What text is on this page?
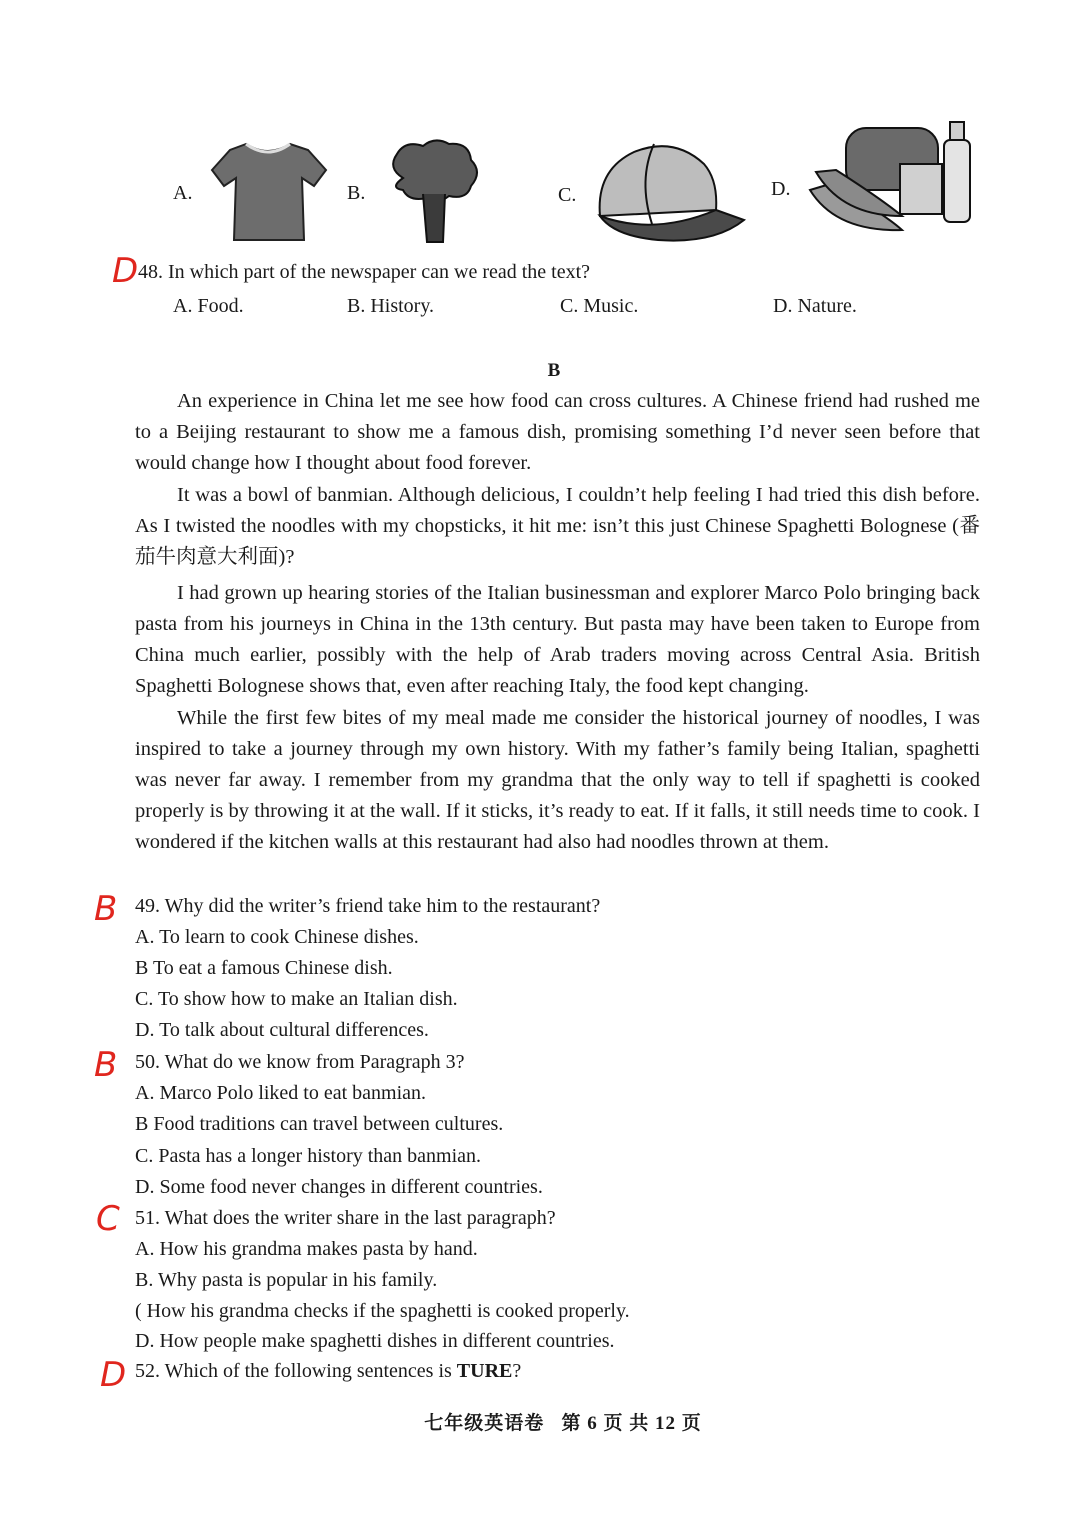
A.	B.	C.	D.
D 48. In which part of the newspaper can we read the text?
A. Food.	B. History.	C. Music.	D. Nature.
B

An experience in China let me see how food can cross cultures. A Chinese friend had rushed me to a Beijing restaurant to show me a famous dish, promising something I’d never seen before that would change how I thought about food forever.

It was a bowl of banmian. Although delicious, I couldn’t help feeling I had tried this dish before. As I twisted the noodles with my chopsticks, it hit me: isn’t this just Chinese Spaghetti Bolognese (番茄牛肉意大利面)?

I had grown up hearing stories of the Italian businessman and explorer Marco Polo bringing back pasta from his journeys in China in the 13th century. But pasta may have been taken to Europe from China much earlier, possibly with the help of Arab traders moving across Central Asia. British Spaghetti Bolognese shows that, even after reaching Italy, the food kept changing.

While the first few bites of my meal made me consider the historical journey of noodles, I was inspired to take a journey through my own history. With my father’s family being Italian, spaghetti was never far away. I remember from my grandma that the only way to tell if spaghetti is cooked properly is by throwing it at the wall. If it sticks, it’s ready to eat. If it falls, it still needs time to cook. I wondered if the kitchen walls at this restaurant had also had noodles thrown at them.

B 49. Why did the writer’s friend take him to the restaurant?
A. To learn to cook Chinese dishes.
B To eat a famous Chinese dish.
C. To show how to make an Italian dish.
D. To talk about cultural differences.
B 50. What do we know from Paragraph 3?
A. Marco Polo liked to eat banmian.
B Food traditions can travel between cultures.
C. Pasta has a longer history than banmian.
D. Some food never changes in different countries.
C 51. What does the writer share in the last paragraph?
A. How his grandma makes pasta by hand.
B. Why pasta is popular in his family.
( How his grandma checks if the spaghetti is cooked properly.
D. How people make spaghetti dishes in different countries.
D 52. Which of the following sentences is TURE?
七年级英语卷   第 6 页 共 12 页
